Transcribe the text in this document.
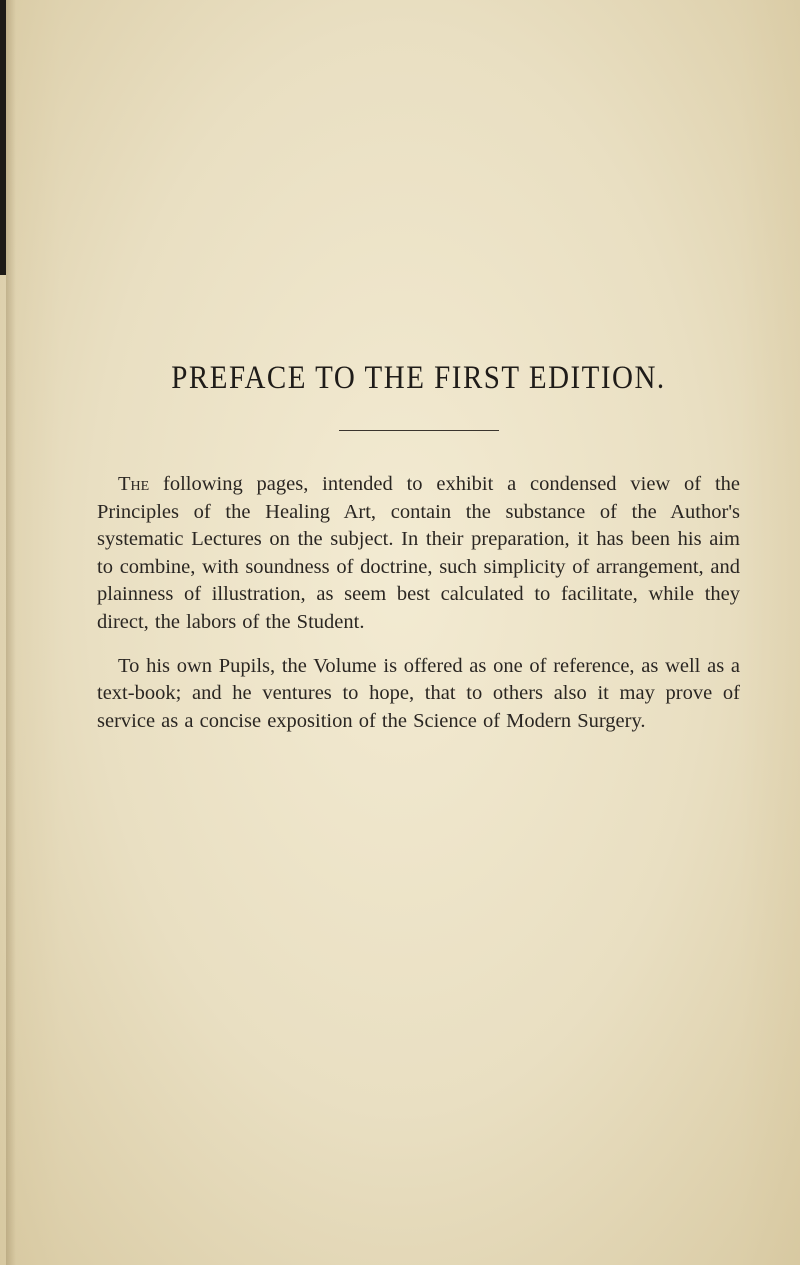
PREFACE TO THE FIRST EDITION.

The following pages, intended to exhibit a condensed view of the Principles of the Healing Art, contain the substance of the Author's systematic Lectures on the subject. In their preparation, it has been his aim to combine, with soundness of doctrine, such simplicity of arrangement, and plainness of illustration, as seem best calculated to facilitate, while they direct, the labors of the Student.

To his own Pupils, the Volume is offered as one of reference, as well as a text-book; and he ventures to hope, that to others also it may prove of service as a concise exposition of the Science of Modern Surgery.
